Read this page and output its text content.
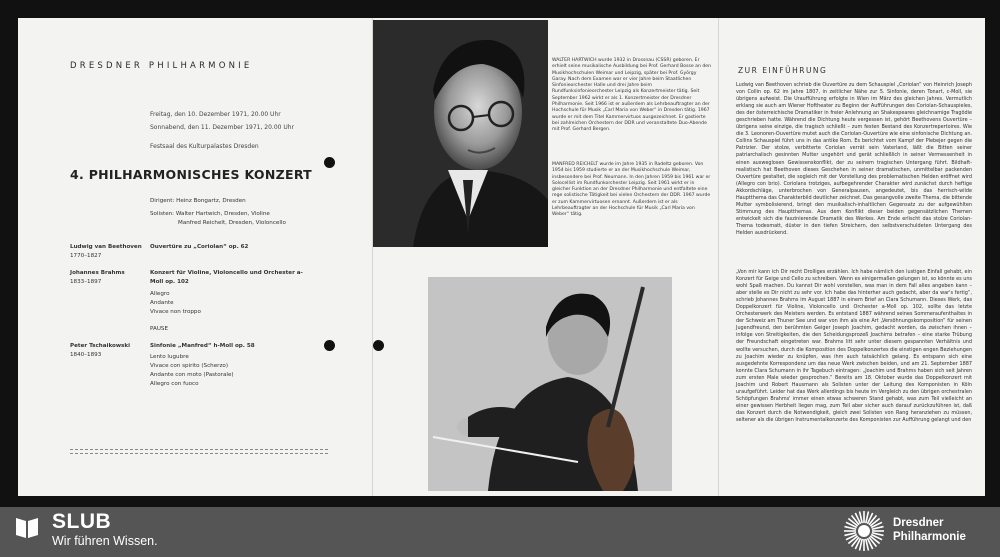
DRESDNER PHILHARMONIE
Freitag, den 10. Dezember 1971, 20.00 Uhr
Sonnabend, den 11. Dezember 1971, 20.00 Uhr
Festsaal des Kulturpalastes Dresden
4. PHILHARMONISCHES KONZERT
Dirigent: Heinz Bongartz, Dresden
Solisten: Walter Hartwich, Dresden, Violine
Manfred Reichelt, Dresden, Violoncello
Ludwig van Beethoven
1770–1827
Ouvertüre zu „Coriolan“ op. 62
Johannes Brahms
1833–1897
Konzert für Violine, Violoncello und Orchester a-Moll op. 102
Allegro
Andante
Vivace non troppo
PAUSE
Peter Tschaikowski
1840–1893
Sinfonie „Manfred“ h-Moll op. 58
Lento lugubre
Vivace con spirito (Scherzo)
Andante con moto (Pastorale)
Allegro con fuoco
WALTER HARTWICH wurde 1932 in Drossnau (CSSR) geboren. Er erhielt seine musikalische Ausbildung bei Prof. Gerhard Bosse an den Musikhochschulen Weimar und Leipzig, später bei Prof. György Garay. Nach dem Examen war er vier Jahre beim Staatlichen Sinfonieorchester Halle und drei Jahre beim Rundfunksinfonieorchester Leipzig als Konzertmeister tätig. Seit September 1962 wirkt er als 1. Konzertmeister der Dresdner Philharmonie. Seit 1966 ist er außerdem als Lehrbeauftragter an der Hochschule für Musik „Carl Maria von Weber“ in Dresden tätig. 1967 wurde er mit dem Titel Kammervirtuos ausgezeichnet. Er gastierte bei zahlreichen Orchestern der DDR und veranstaltete Duo-Abende mit Prof. Gerhard Bergen.
MANFRED REICHELT wurde im Jahre 1935 in Radeltz geboren. Von 1954 bis 1959 studierte er an der Musikhochschule Weimar, insbesondere bei Prof. Neumann. In den Jahren 1959 bis 1961 war er Solocellist im Rundfunkorchester Leipzig. Seit 1961 wirkt er in gleicher Funktion an der Dresdner Philharmonie und entfaltete eine rege solistische Tätigkeit bei vielen Orchestern der DDR. 1967 wurde er zum Kammervirtuosen ernannt. Außerdem ist er als Lehrbeauftragter an der Hochschule für Musik „Carl Maria von Weber“ tätig.
ZUR EINFÜHRUNG
Ludwig van Beethoven schrieb die Ouvertüre zu dem Schauspiel „Coriolan“ von Heinrich Joseph von Collin op. 62 im Jahre 1807, in zeitlicher Nähe zur 5. Sinfonie, deren Tonart, c-Moll, sie übrigens aufweist. Die Uraufführung erfolgte in Wien im März des gleichen Jahres. Vermutlich erklang sie auch am Wiener Hoftheater zu Beginn der Aufführungen des Coriolan-Schauspieles, des der österreichische Dramatiker in freier Anlehnung an Shakespeares gleichnamige Tragödie geschrieben hatte. Während die Dichtung heute vergessen ist, gehört Beethovens Ouvertüre – übrigens seine einzige, die tragisch schließt – zum festen Bestand des Konzertrepertoires. Wie die 3. Leonoren-Ouvertüre mutet auch die Coriolan-Ouvertüre wie eine sinfonische Dichtung an. Collins Schauspiel führt uns in das antike Rom. Es berichtet vom Kampf der Plebejer gegen die Patrizier. Der stolze, verbitterte Coriolan verrät sein Vaterland, läßt die Bitten seiner patriarchalisch gesinnten Mutter ungehört und gerät schließlich in seiner Vermessenheit in einen ausweglosen Gewissenskonflikt, der zu seinem tragischen Untergang führt. Bildhaft-realistisch hat Beethoven dieses Geschehen in seiner dramatischen, unmittelbar packenden Ouvertüre gestaltet, die sogleich mit der Vorstellung des problematischen Helden eröffnet wird (Allegro con brio). Coriolans trotziges, aufbegehrender Charakter wird zunächst durch heftige Akkordschläge, unterbrochen von Generalpausen, angedeutet, bis das herrisch-wilde Hauptthema das Charakterbild deutlicher zeichnet. Das gesangvolle zweite Thema, die bittende Mutter symbolisierend, bringt den musikalisch-inhaltlichen Gegensatz zu der aufgewühlten Stimmung des Hauptthemas. Aus dem Konflikt dieser beiden gegensätzlichen Themen entwickelt sich die faszinierende Dramatik des Werkes. Am Ende erlischt das stolze Coriolan-Thema todesmatt, düster in den tiefen Streichern, den selbstverschuldeten Untergang des Helden ausdrückend.
„Von mir kann ich Dir recht Drolliges erzählen. Ich habe nämlich den lustigen Einfall gehabt, ein Konzert für Geige und Cello zu schreiben. Wenn es einigermaßen gelungen ist, so könnte es uns wohl Spaß machen. Du kannst Dir wohl vorstellen, was man in dem Fall alles angeben kann – aber stelle es Dir nicht zu sehr vor. Ich habe das hinterher auch gedacht, aber da war's fertig“, schrieb Johannes Brahms im August 1887 in einem Brief an Clara Schumann. Dieses Werk, das Doppelkonzert für Violine, Violoncello und Orchester a-Moll op. 102, sollte das letzte Orchesterwerk des Meisters werden. Es entstand 1887 während seines Sommeraufenthaltes in der Schweiz am Thuner See und war von ihm als eine Art „Versöhnungskomposition“ für seinen Jugendfreund, den berühmten Geiger Joseph Joachim, gedacht worden, da zwischen ihnen – infolge von Streitigkeiten, die den Scheidungsprozeß Joachims betrafen – eine starke Trübung der Freundschaft eingetreten war. Brahms litt sehr unter diesem gespannten Verhältnis und wollte versuchen, durch die Komposition des Doppelkonzertes die einstigen engen Beziehungen zu Joachim wieder zu knüpfen, was ihm auch tatsächlich gelang. Es entspann sich eine ausgedehnte Korrespondenz um das neue Werk zwischen beiden, und am 21. September 1887 konnte Clara Schumann in ihr Tagebuch eintragen: „Joachim und Brahms haben sich seit Jahren zum ersten Male wieder gesprochen.“ Bereits am 18. Oktober wurde das Doppelkonzert mit Joachim und Robert Hausmann als Solisten unter der Leitung des Komponisten in Köln uraufgeführt. Leider hat das Werk allerdings bis heute im Vergleich zu den übrigen orchestralen Schöpfungen Brahms' immer einen etwas schweren Stand gehabt, was zum Teil vielleicht an einer gewissen Herbheit liegen mag, zum Teil aber sicher auch darauf zurückzuführen ist, daß das Konzert durch die Notwendigkeit, gleich zwei Solisten von Rang heranziehen zu müssen, seltener als die übrigen Instrumentalkonzerte des Komponisten zur Aufführung gelangt und den
SLUB
Wir führen Wissen.
Dresdner
Philharmonie
